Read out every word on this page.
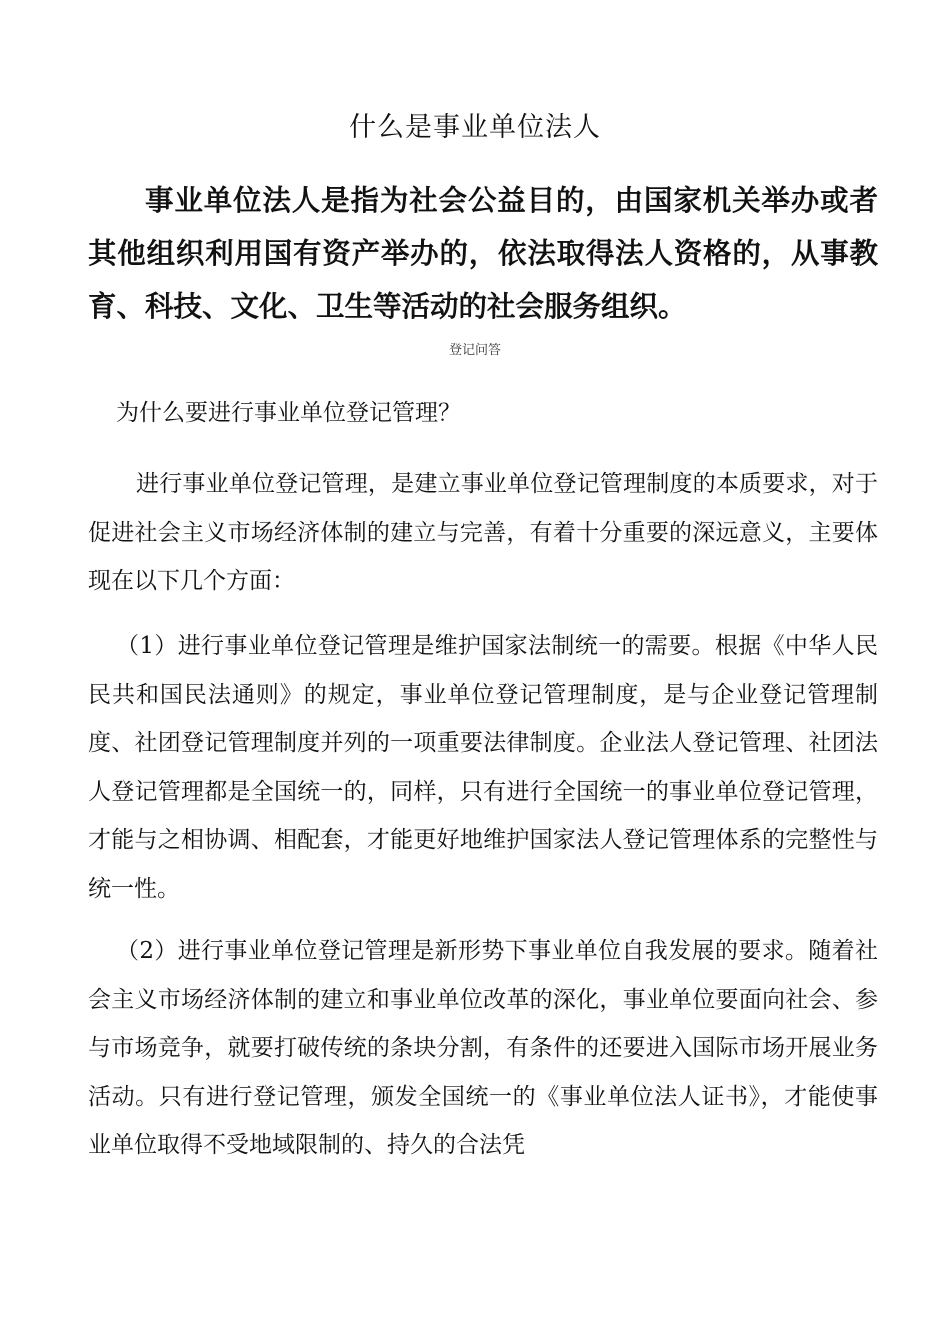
什么是事业单位法人

事业单位法人是指为社会公益目的，由国家机关举办或者其他组织利用国有资产举办的，依法取得法人资格的，从事教育、科技、文化、卫生等活动的社会服务组织。

登记问答

为什么要进行事业单位登记管理？

进行事业单位登记管理，是建立事业单位登记管理制度的本质要求，对于促进社会主义市场经济体制的建立与完善，有着十分重要的深远意义，主要体现在以下几个方面：

（1）进行事业单位登记管理是维护国家法制统一的需要。根据《中华人民民共和国民法通则》的规定，事业单位登记管理制度，是与企业登记管理制度、社团登记管理制度并列的一项重要法律制度。企业法人登记管理、社团法人登记管理都是全国统一的，同样，只有进行全国统一的事业单位登记管理，才能与之相协调、相配套，才能更好地维护国家法人登记管理体系的完整性与统一性。

（2）进行事业单位登记管理是新形势下事业单位自我发展的要求。随着社会主义市场经济体制的建立和事业单位改革的深化，事业单位要面向社会、参与市场竞争，就要打破传统的条块分割，有条件的还要进入国际市场开展业务活动。只有进行登记管理，颁发全国统一的《事业单位法人证书》，才能使事业单位取得不受地域限制的、持久的合法凭
